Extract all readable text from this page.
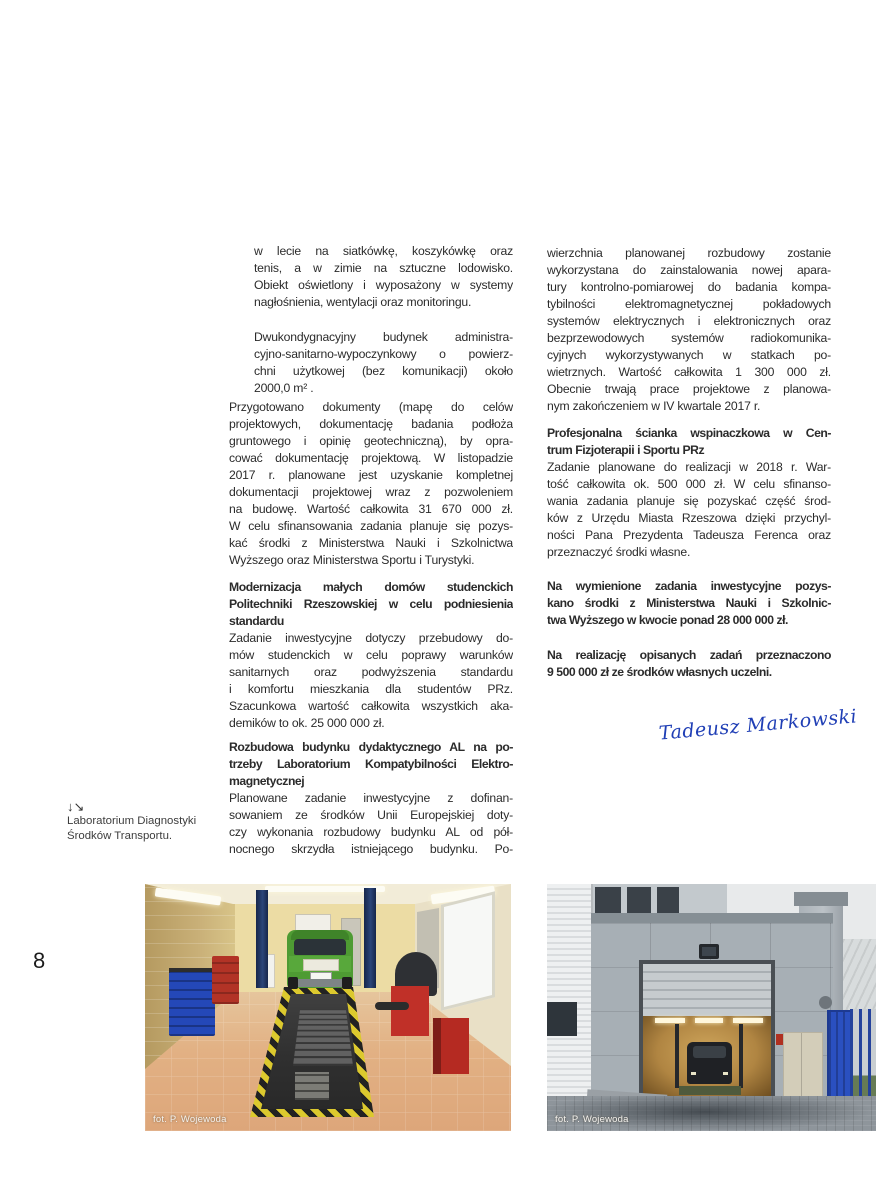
8
↓↘
Laboratorium Diagnostyki
Środków Transportu.
w lecie na siatkówkę, koszykówkę oraz
tenis, a w zimie na sztuczne lodowisko.
Obiekt oświetlony i wyposażony w systemy
nagłośnienia, wentylacji oraz monitoringu.
Dwukondygnacyjny budynek administra-
cyjno-sanitarno-wypoczynkowy o powierz-
chni użytkowej (bez komunikacji) około
2000,0 m² .
Przygotowano dokumenty (mapę do celów
projektowych, dokumentację badania podłoża
gruntowego i opinię geotechniczną), by opra-
cować dokumentację projektową. W listopadzie
2017 r. planowane jest uzyskanie kompletnej
dokumentacji projektowej wraz z pozwoleniem
na budowę. Wartość całkowita 31 670 000 zł.
W celu sfinansowania zadania planuje się pozys-
kać środki z Ministerstwa Nauki i Szkolnictwa
Wyższego oraz Ministerstwa Sportu i Turystyki.
Modernizacja małych domów studenckich
Politechniki Rzeszowskiej w celu podniesienia
standardu
Zadanie inwestycyjne dotyczy przebudowy do-
mów studenckich w celu poprawy warunków
sanitarnych oraz podwyższenia standardu
i komfortu mieszkania dla studentów PRz.
Szacunkowa wartość całkowita wszystkich aka-
demików to ok. 25 000 000 zł.
Rozbudowa budynku dydaktycznego AL na po-
trzeby Laboratorium Kompatybilności Elektro-
magnetycznej
Planowane zadanie inwestycyjne z dofinan-
sowaniem ze środków Unii Europejskiej doty-
czy wykonania rozbudowy budynku AL od pół-
nocnego skrzydła istniejącego budynku. Po-
wierzchnia planowanej rozbudowy zostanie
wykorzystana do zainstalowania nowej apara-
tury kontrolno-pomiarowej do badania kompa-
tybilności elektromagnetycznej pokładowych
systemów elektrycznych i elektronicznych oraz
bezprzewodowych systemów radiokomunika-
cyjnych wykorzystywanych w statkach po-
wietrznych. Wartość całkowita 1 300 000 zł.
Obecnie trwają prace projektowe z planowa-
nym zakończeniem w IV kwartale 2017 r.
Profesjonalna ścianka wspinaczkowa w Cen-
trum Fizjoterapii i Sportu PRz
Zadanie planowane do realizacji w 2018 r. War-
tość całkowita ok. 500 000 zł. W celu sfinanso-
wania zadania planuje się pozyskać część środ-
ków z Urzędu Miasta Rzeszowa dzięki przychyl-
ności Pana Prezydenta Tadeusza Ferenca oraz
przeznaczyć środki własne.
Na wymienione zadania inwestycyjne pozys-
kano środki z Ministerstwa Nauki i Szkolnic-
twa Wyższego w kwocie ponad 28 000 000 zł.
Na realizację opisanych zadań przeznaczono
9 500 000 zł ze środków własnych uczelni.
Tadeusz Markowski
fot. P. Wojewoda	fot. P. Wojewoda
